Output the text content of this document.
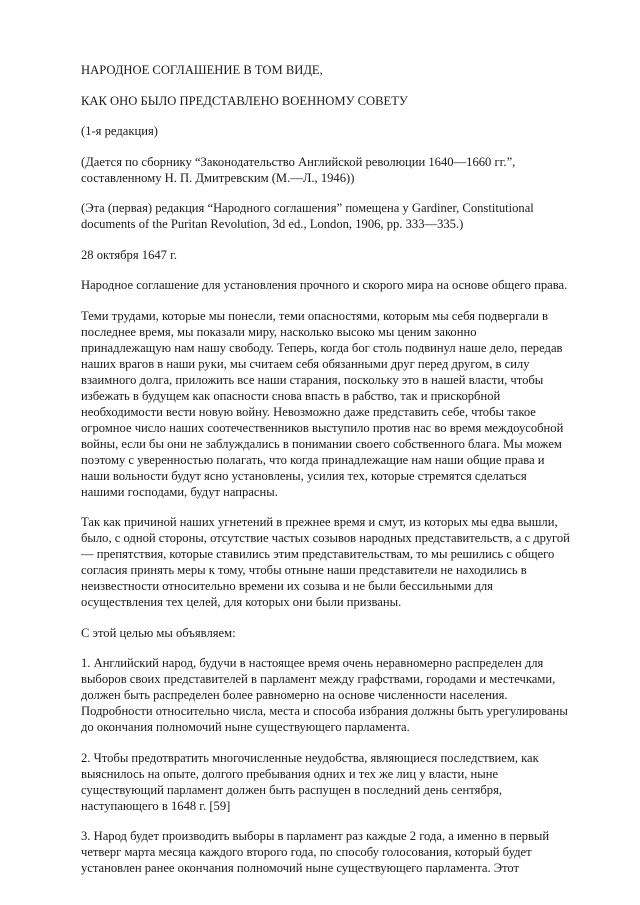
НАРОДНОЕ СОГЛАШЕНИЕ В ТОМ ВИДЕ,
КАК ОНО БЫЛО ПРЕДСТАВЛЕНО ВОЕННОМУ СОВЕТУ
(1-я редакция)
(Дается по сборнику “Законодательство Английской революции 1640—1660 гг.”,
составленному Н. П. Дмитревским (М.—Л., 1946))
(Эта (первая) редакция “Народного соглашения” помещена у Gardiner, Constitutional
documents of the Puritan Revolution, 3d ed., London, 1906, pp. 333—335.)
28 октября 1647 г.
Народное соглашение для установления прочного и скорого мира на основе общего права.
Теми трудами, которые мы понесли, теми опасностями, которым мы себя подвергали в
последнее время, мы показали миру, насколько высоко мы ценим законно
принадлежащую нам нашу свободу. Теперь, когда бог столь подвинул наше дело, передав
наших врагов в наши руки, мы считаем себя обязанными друг перед другом, в силу
взаимного долга, приложить все наши старания, поскольку это в нашей власти, чтобы
избежать в будущем как опасности снова впасть в рабство, так и прискорбной
необходимости вести новую войну. Невозможно даже представить себе, чтобы такое
огромное число наших соотечественников выступило против нас во время междоусобной
войны, если бы они не заблуждались в понимании своего собственного блага. Мы можем
поэтому с уверенностью полагать, что когда принадлежащие нам наши общие права и
наши вольности будут ясно установлены, усилия тех, которые стремятся сделаться
нашими господами, будут напрасны.
Так как причиной наших угнетений в прежнее время и смут, из которых мы едва вышли,
было, с одной стороны, отсутствие частых созывов народных представительств, а с другой
— препятствия, которые ставились этим представительствам, то мы решились с общего
согласия принять меры к тому, чтобы отныне наши представители не находились в
неизвестности относительно времени их созыва и не были бессильными для
осуществления тех целей, для которых они были призваны.
С этой целью мы объявляем:
1. Английский народ, будучи в настоящее время очень неравномерно распределен для
выборов своих представителей в парламент между графствами, городами и местечками,
должен быть распределен более равномерно на основе численности населения.
Подробности относительно числа, места и способа избрания должны быть урегулированы
до окончания полномочий ныне существующего парламента.
2. Чтобы предотвратить многочисленные неудобства, являющиеся последствием, как
выяснилось на опыте, долгого пребывания одних и тех же лиц у власти, ныне
существующий парламент должен быть распущен в последний день сентября,
наступающего в 1648 г. [59]
3. Народ будет производить выборы в парламент раз каждые 2 года, а именно в первый
четверг марта месяца каждого второго года, по способу голосования, который будет
установлен ранее окончания полномочий ныне существующего парламента. Этот
